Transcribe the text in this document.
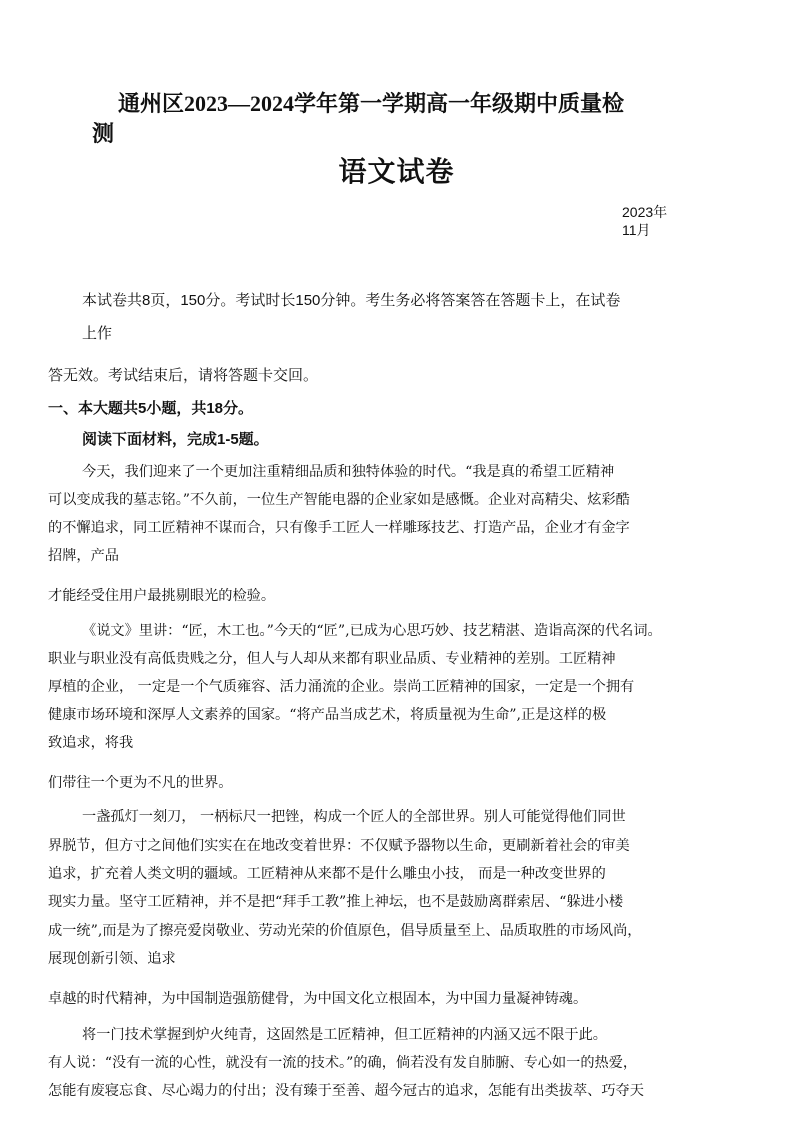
通州区2023—2024学年第一学期高一年级期中质量检
测
语文试卷
2023年
11月
本试卷共8页，150分。考试时长150分钟。考生务必将答案答在答题卡上，在试卷
上作
答无效。考试结束后，请将答题卡交回。
一、本大题共5小题，共18分。
阅读下面材料，完成1-5题。
今天，我们迎来了一个更加注重精细品质和独特体验的时代。“我是真的希望工匠精神
可以变成我的墓志铭。”不久前，一位生产智能电器的企业家如是感慨。企业对高精尖、炫彩酷
的不懈追求，同工匠精神不谋而合，只有像手工匠人一样雕琢技艺、打造产品，企业才有金字
招牌，产品
才能经受住用户最挑剔眼光的检验。
《说文》里讲：“匠，木工也。”今天的“匠”,已成为心思巧妙、技艺精湛、造诣高深的代名词。
职业与职业没有高低贵贱之分，但人与人却从来都有职业品质、专业精神的差别。工匠精神
厚植的企业， 一定是一个气质雍容、活力涌流的企业。崇尚工匠精神的国家，一定是一个拥有
健康市场环境和深厚人文素养的国家。“将产品当成艺术，将质量视为生命”,正是这样的极
致追求，将我
们带往一个更为不凡的世界。
一盏孤灯一刻刀， 一柄标尺一把锉，构成一个匠人的全部世界。别人可能觉得他们同世
界脱节，但方寸之间他们实实在在地改变着世界：不仅赋予器物以生命，更刷新着社会的审美
追求，扩充着人类文明的疆域。工匠精神从来都不是什么雕虫小技， 而是一种改变世界的
现实力量。坚守工匠精神，并不是把“拜手工教”推上神坛，也不是鼓励离群索居、“躲进小楼
成一统”,而是为了擦亮爱岗敬业、劳动光荣的价值原色，倡导质量至上、品质取胜的市场风尚，
展现创新引领、追求
卓越的时代精神，为中国制造强筋健骨，为中国文化立根固本，为中国力量凝神铸魂。
将一门技术掌握到炉火纯青，这固然是工匠精神，但工匠精神的内涵又远不限于此。
有人说：“没有一流的心性，就没有一流的技术。”的确，倘若没有发自肺腑、专心如一的热爱，
怎能有废寝忘食、尽心竭力的付出；没有臻于至善、超今冠古的追求，怎能有出类拔萃、巧夺天
